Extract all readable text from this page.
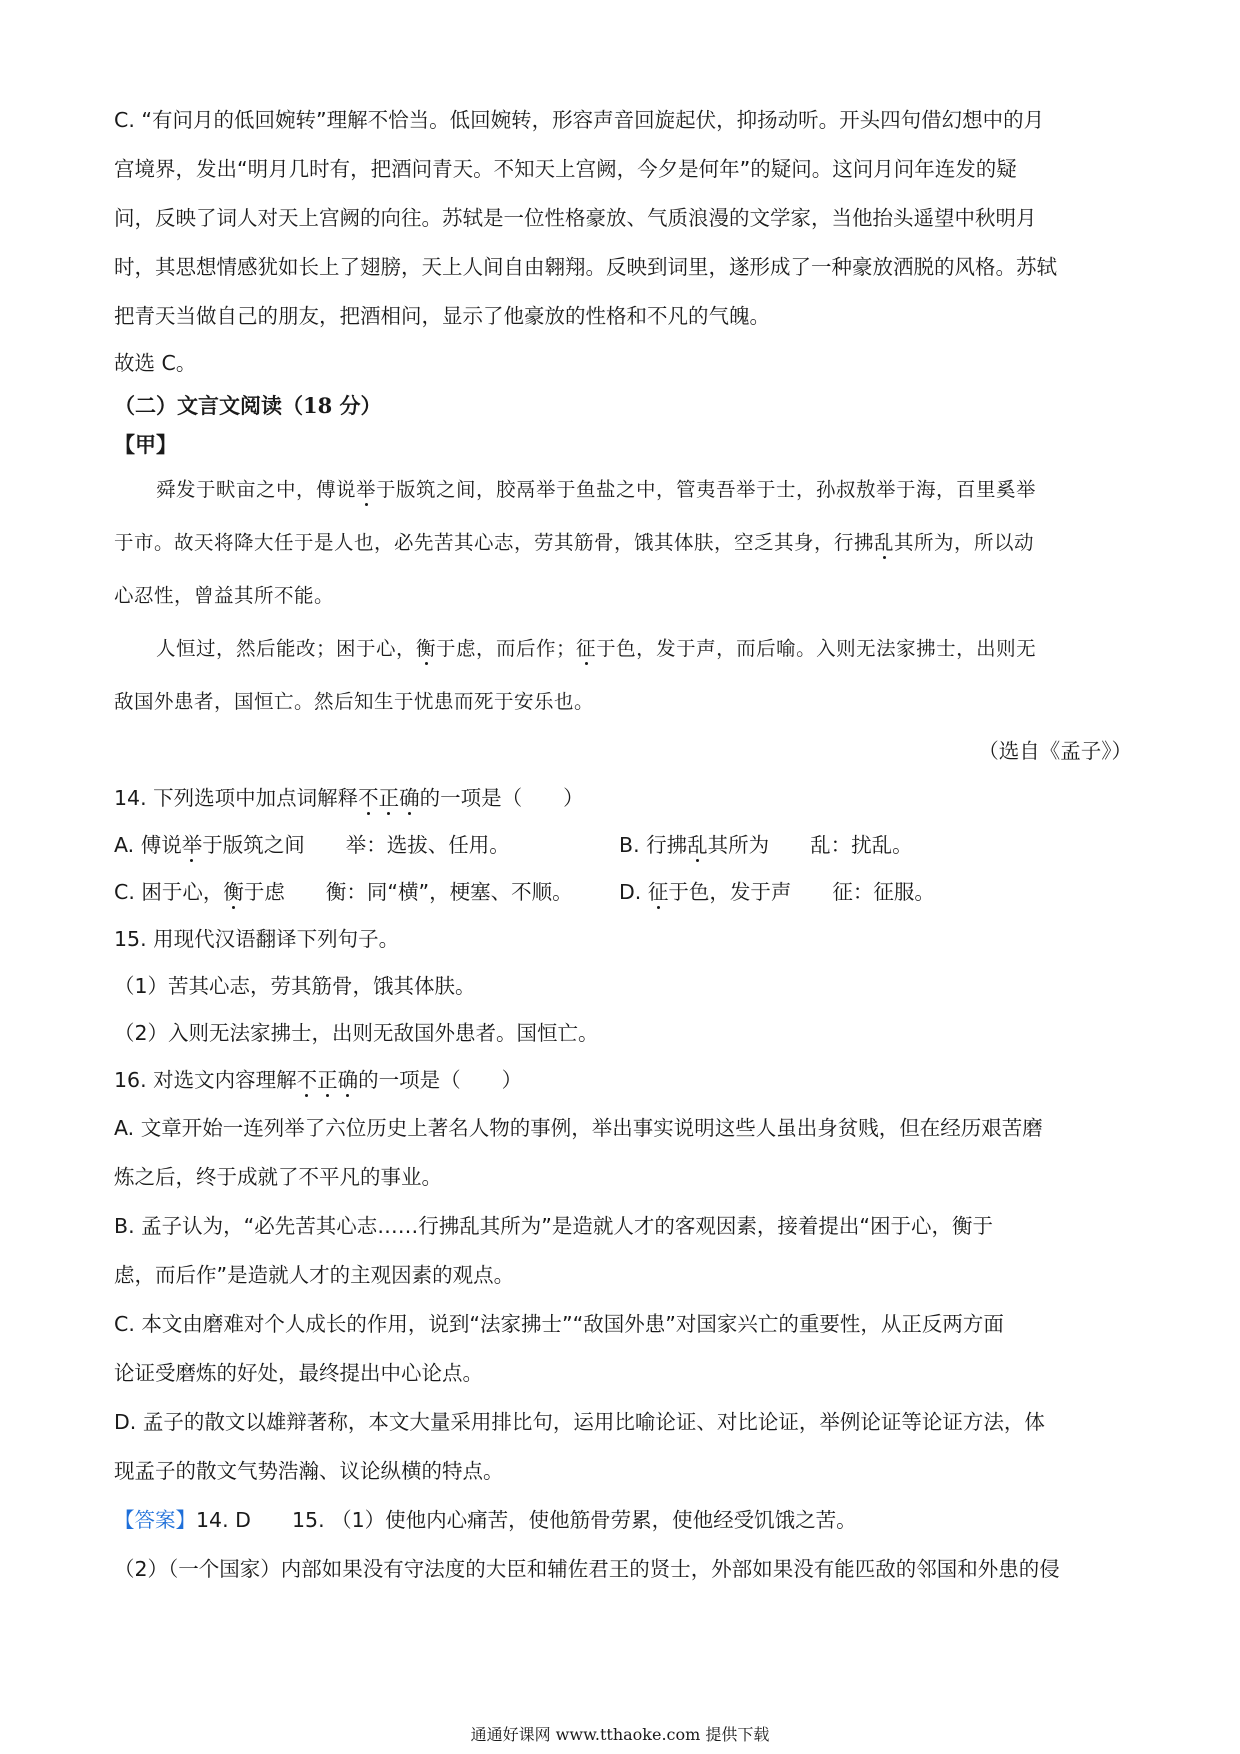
C. “有问月的低回婉转”理解不恰当。低回婉转，形容声音回旋起伏，抑扬动听。开头四句借幻想中的月

宫境界，发出“明月几时有，把酒问青天。不知天上宫阙，今夕是何年”的疑问。这问月问年连发的疑

问，反映了词人对天上宫阙的向往。苏轼是一位性格豪放、气质浪漫的文学家，当他抬头遥望中秋明月

时，其思想情感犹如长上了翅膀，天上人间自由翱翔。反映到词里，遂形成了一种豪放洒脱的风格。苏轼

把青天当做自己的朋友，把酒相问，显示了他豪放的性格和不凡的气魄。

故选 C。

（二）文言文阅读（18 分）

【甲】

舜发于畎亩之中，傅说举于版筑之间，胶鬲举于鱼盐之中，管夷吾举于士，孙叔敖举于海，百里奚举

于市。故天将降大任于是人也，必先苦其心志，劳其筋骨，饿其体肤，空乏其身，行拂乱其所为，所以动

心忍性，曾益其所不能。

人恒过，然后能改；困于心，衡于虑，而后作；征于色，发于声，而后喻。入则无法家拂士，出则无

敌国外患者，国恒亡。然后知生于忧患而死于安乐也。

（选自《孟子》）

14. 下列选项中加点词解释不正确的一项是（　　）

A. 傅说举于版筑之间　　举：选拔、任用。	B. 行拂乱其所为　　乱：扰乱。

C. 困于心，衡于虑　　衡：同“横”，梗塞、不顺。 D. 征于色，发于声　　征：征服。

15. 用现代汉语翻译下列句子。

（1）苦其心志，劳其筋骨，饿其体肤。

（2）入则无法家拂士，出则无敌国外患者。国恒亡。

16. 对选文内容理解不正确的一项是（　　）

A. 文章开始一连列举了六位历史上著名人物的事例，举出事实说明这些人虽出身贫贱，但在经历艰苦磨

炼之后，终于成就了不平凡的事业。

B. 孟子认为，“必先苦其心志……行拂乱其所为”是造就人才的客观因素，接着提出“困于心，衡于

虑，而后作”是造就人才的主观因素的观点。

C. 本文由磨难对个人成长的作用，说到“法家拂士”“敌国外患”对国家兴亡的重要性，从正反两方面

论证受磨炼的好处，最终提出中心论点。

D. 孟子的散文以雄辩著称，本文大量采用排比句，运用比喻论证、对比论证，举例论证等论证方法，体

现孟子的散文气势浩瀚、议论纵横的特点。

【答案】14. D 15. （1）使他内心痛苦，使他筋骨劳累，使他经受饥饿之苦。

（2）（一个国家）内部如果没有守法度的大臣和辅佐君王的贤士，外部如果没有能匹敌的邻国和外患的侵

通通好课网 www.tthaoke.com 提供下载
